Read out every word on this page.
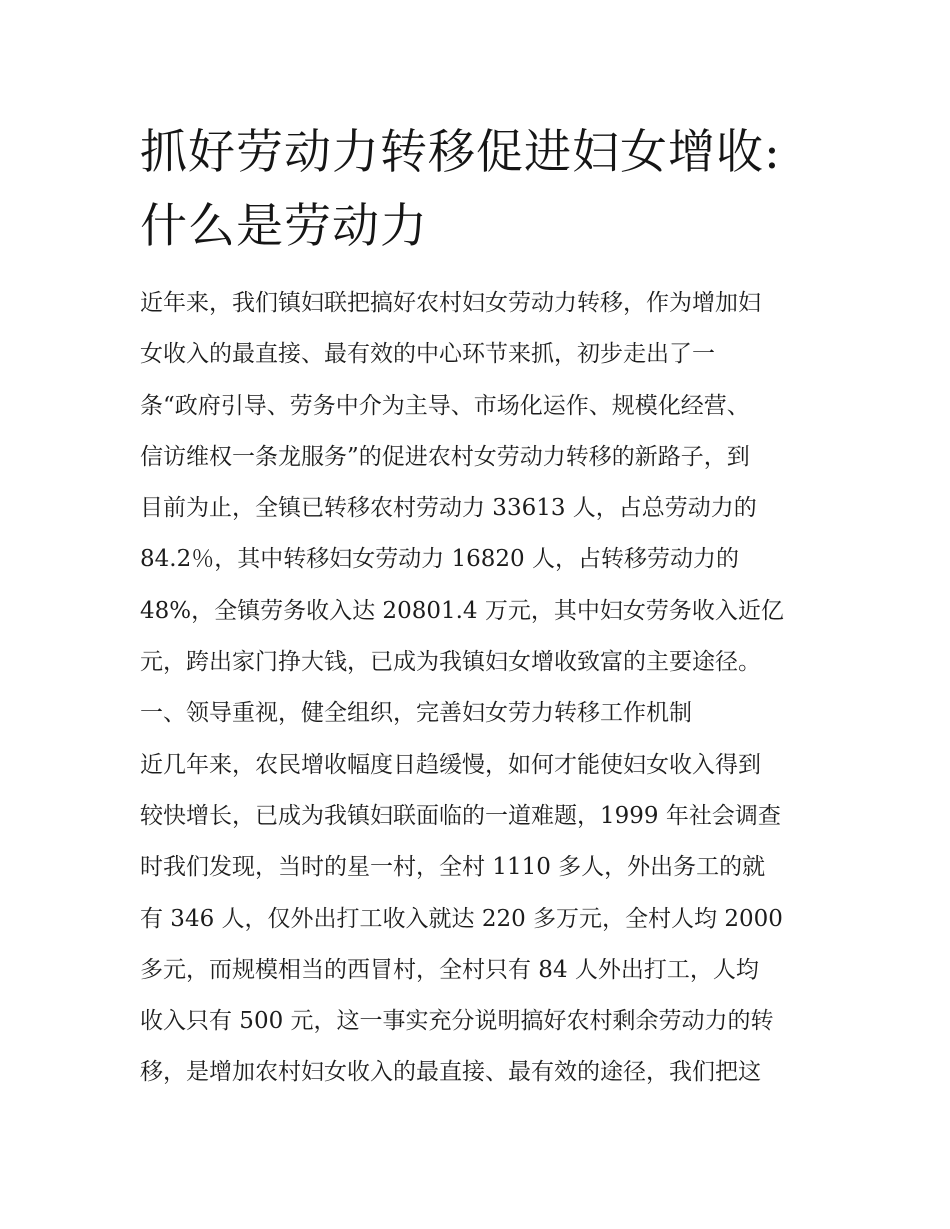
抓好劳动力转移促进妇女增收:
什么是劳动力
近年来，我们镇妇联把搞好农村妇女劳动力转移，作为增加妇
女收入的最直接、最有效的中心环节来抓，初步走出了一
条“政府引导、劳务中介为主导、市场化运作、规模化经营、
信访维权一条龙服务”的促进农村女劳动力转移的新路子，到
目前为止，全镇已转移农村劳动力 33613 人，占总劳动力的
84.2％，其中转移妇女劳动力 16820 人，占转移劳动力的
48%，全镇劳务收入达 20801.4 万元，其中妇女劳务收入近亿
元，跨出家门挣大钱，已成为我镇妇女增收致富的主要途径。
一、领导重视，健全组织，完善妇女劳力转移工作机制
近几年来，农民增收幅度日趋缓慢，如何才能使妇女收入得到
较快增长，已成为我镇妇联面临的一道难题，1999 年社会调查
时我们发现，当时的星一村，全村 1110 多人，外出务工的就
有 346 人，仅外出打工收入就达 220 多万元，全村人均 2000
多元，而规模相当的西冒村，全村只有 84 人外出打工，人均
收入只有 500 元，这一事实充分说明搞好农村剩余劳动力的转
移，是增加农村妇女收入的最直接、最有效的途径，我们把这
